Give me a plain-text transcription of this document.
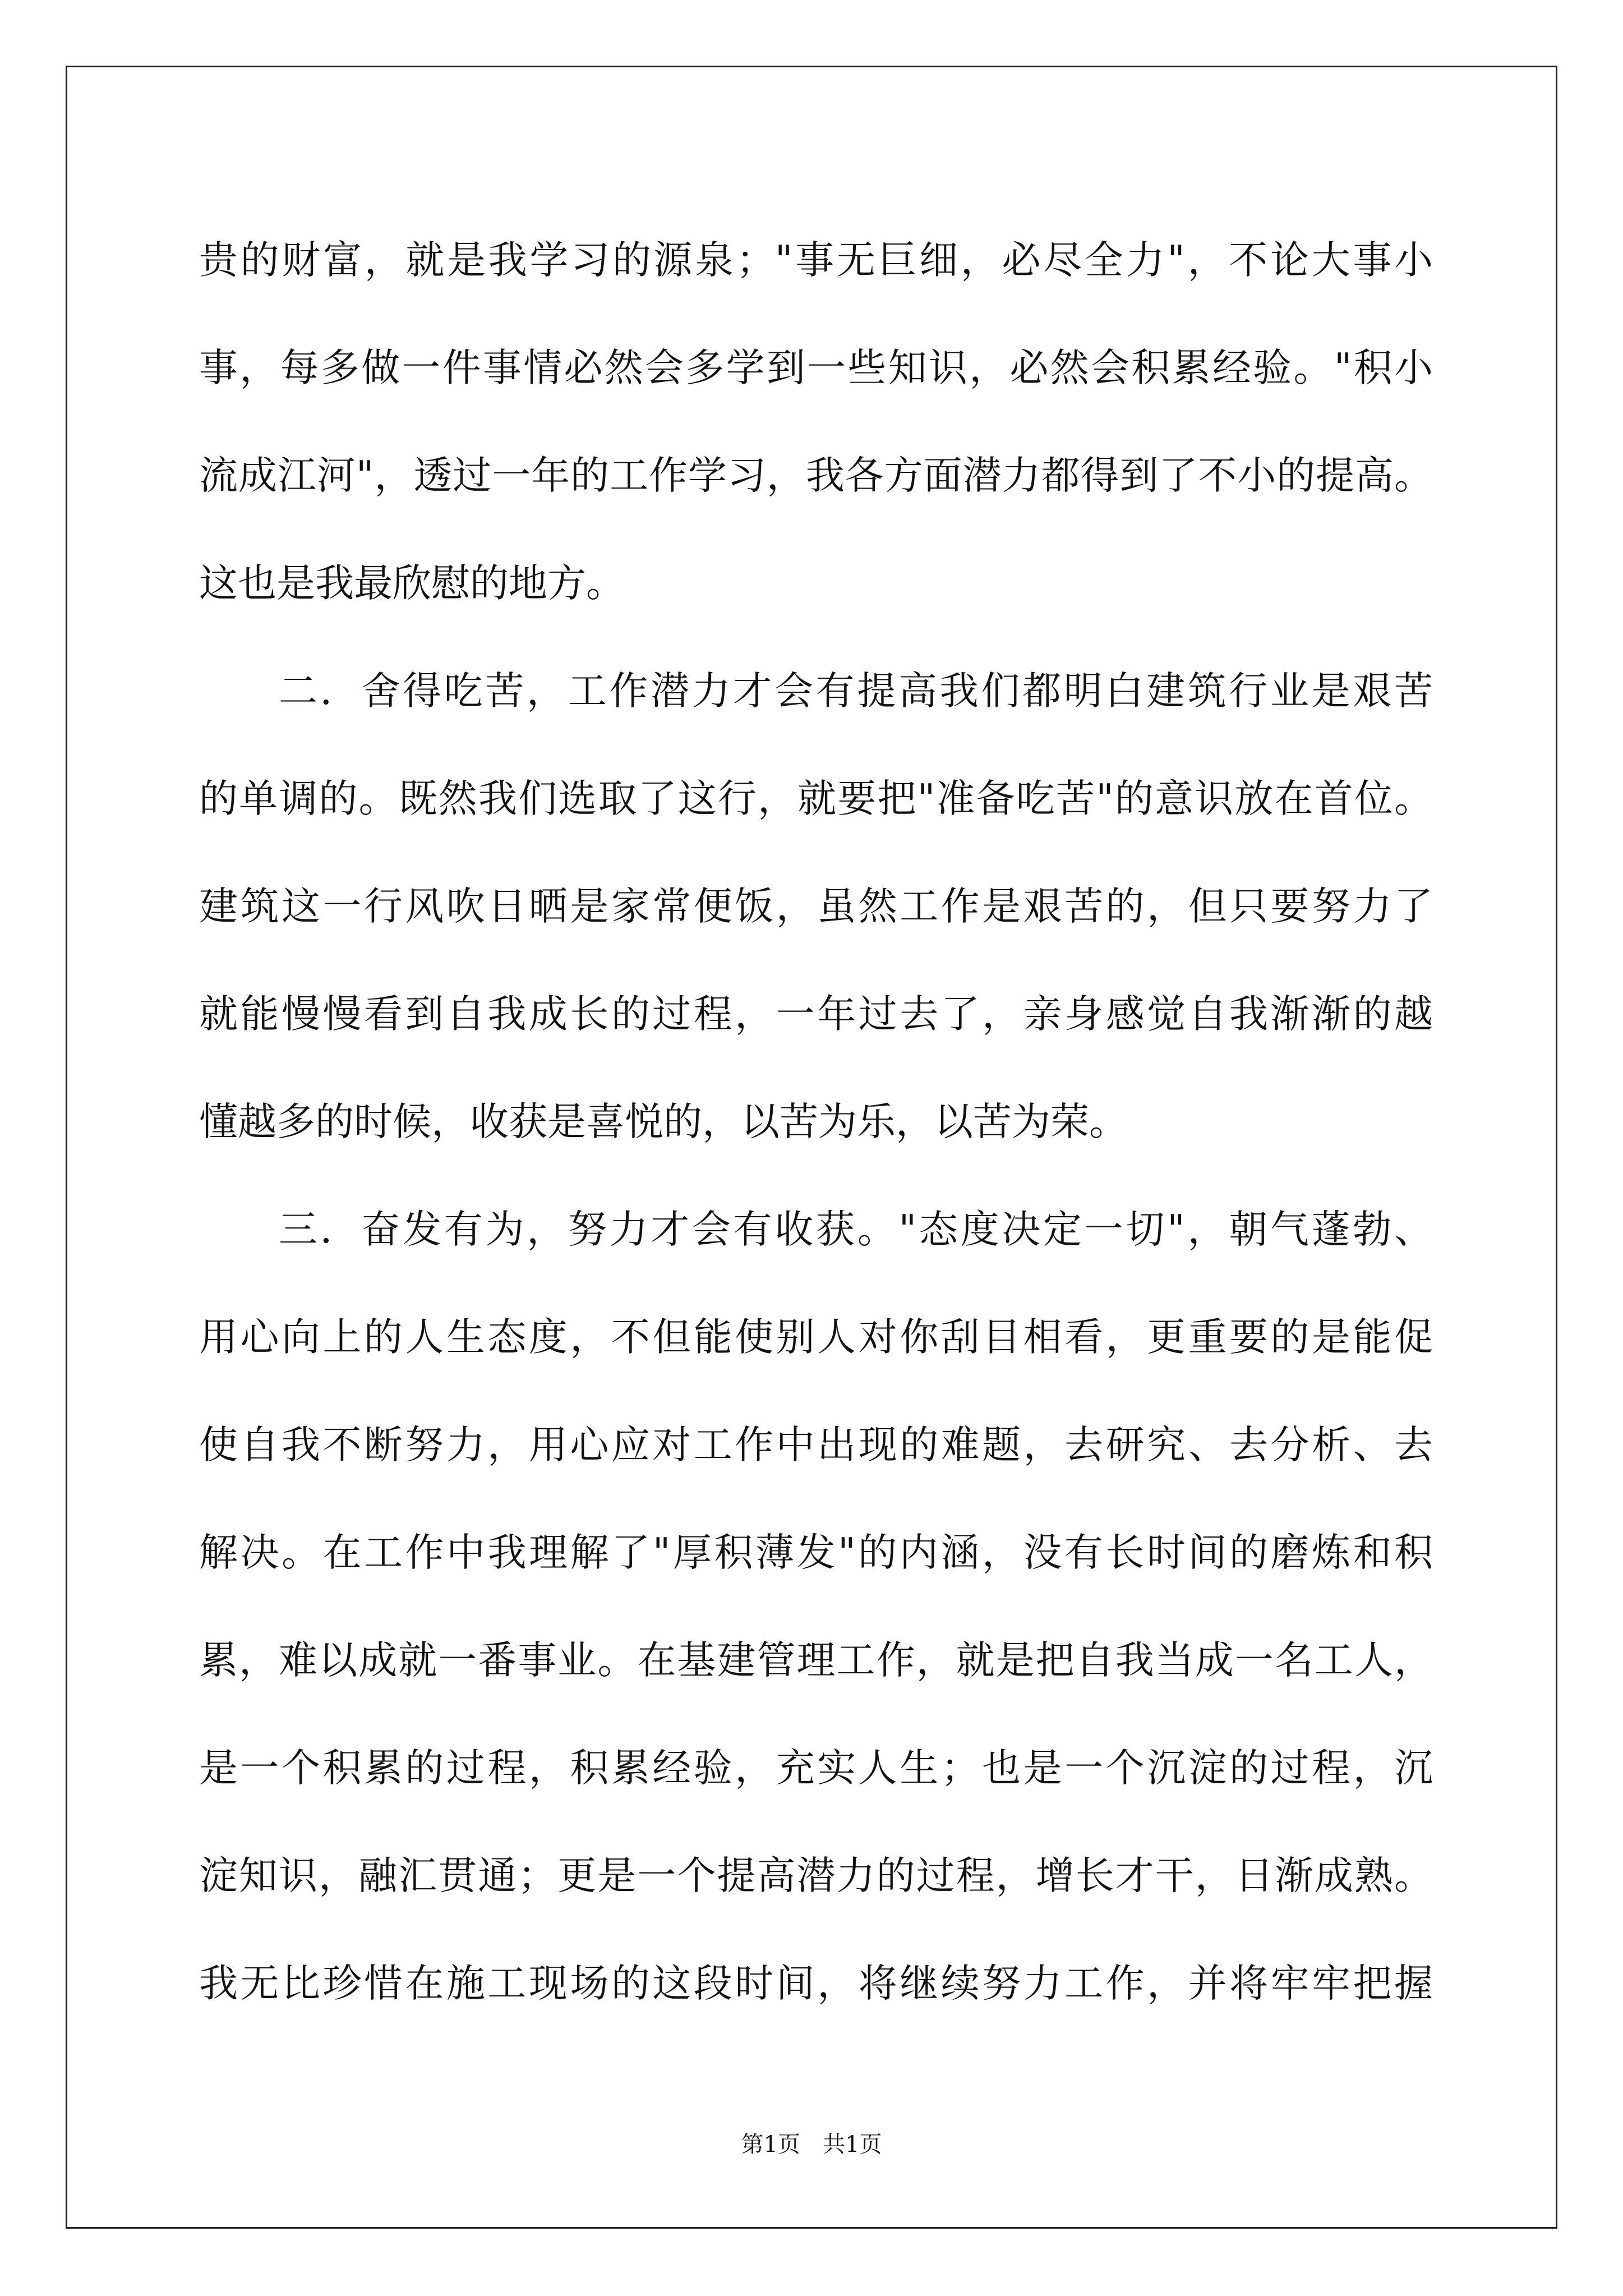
贵的财富，就是我学习的源泉；"事无巨细，必尽全力"，不论大事小
事，每多做一件事情必然会多学到一些知识，必然会积累经验。"积小
流成江河"，透过一年的工作学习，我各方面潜力都得到了不小的提高。
这也是我最欣慰的地方。
二．舍得吃苦，工作潜力才会有提高我们都明白建筑行业是艰苦
的单调的。既然我们选取了这行，就要把"准备吃苦"的意识放在首位。
建筑这一行风吹日晒是家常便饭，虽然工作是艰苦的，但只要努力了
就能慢慢看到自我成长的过程，一年过去了，亲身感觉自我渐渐的越
懂越多的时候，收获是喜悦的，以苦为乐，以苦为荣。
三．奋发有为，努力才会有收获。"态度决定一切"，朝气蓬勃、
用心向上的人生态度，不但能使别人对你刮目相看，更重要的是能促
使自我不断努力，用心应对工作中出现的难题，去研究、去分析、去
解决。在工作中我理解了"厚积薄发"的内涵，没有长时间的磨炼和积
累，难以成就一番事业。在基建管理工作，就是把自我当成一名工人，
是一个积累的过程，积累经验，充实人生；也是一个沉淀的过程，沉
淀知识，融汇贯通；更是一个提高潜力的过程，增长才干，日渐成熟。
我无比珍惜在施工现场的这段时间，将继续努力工作，并将牢牢把握
第1页　共1页
